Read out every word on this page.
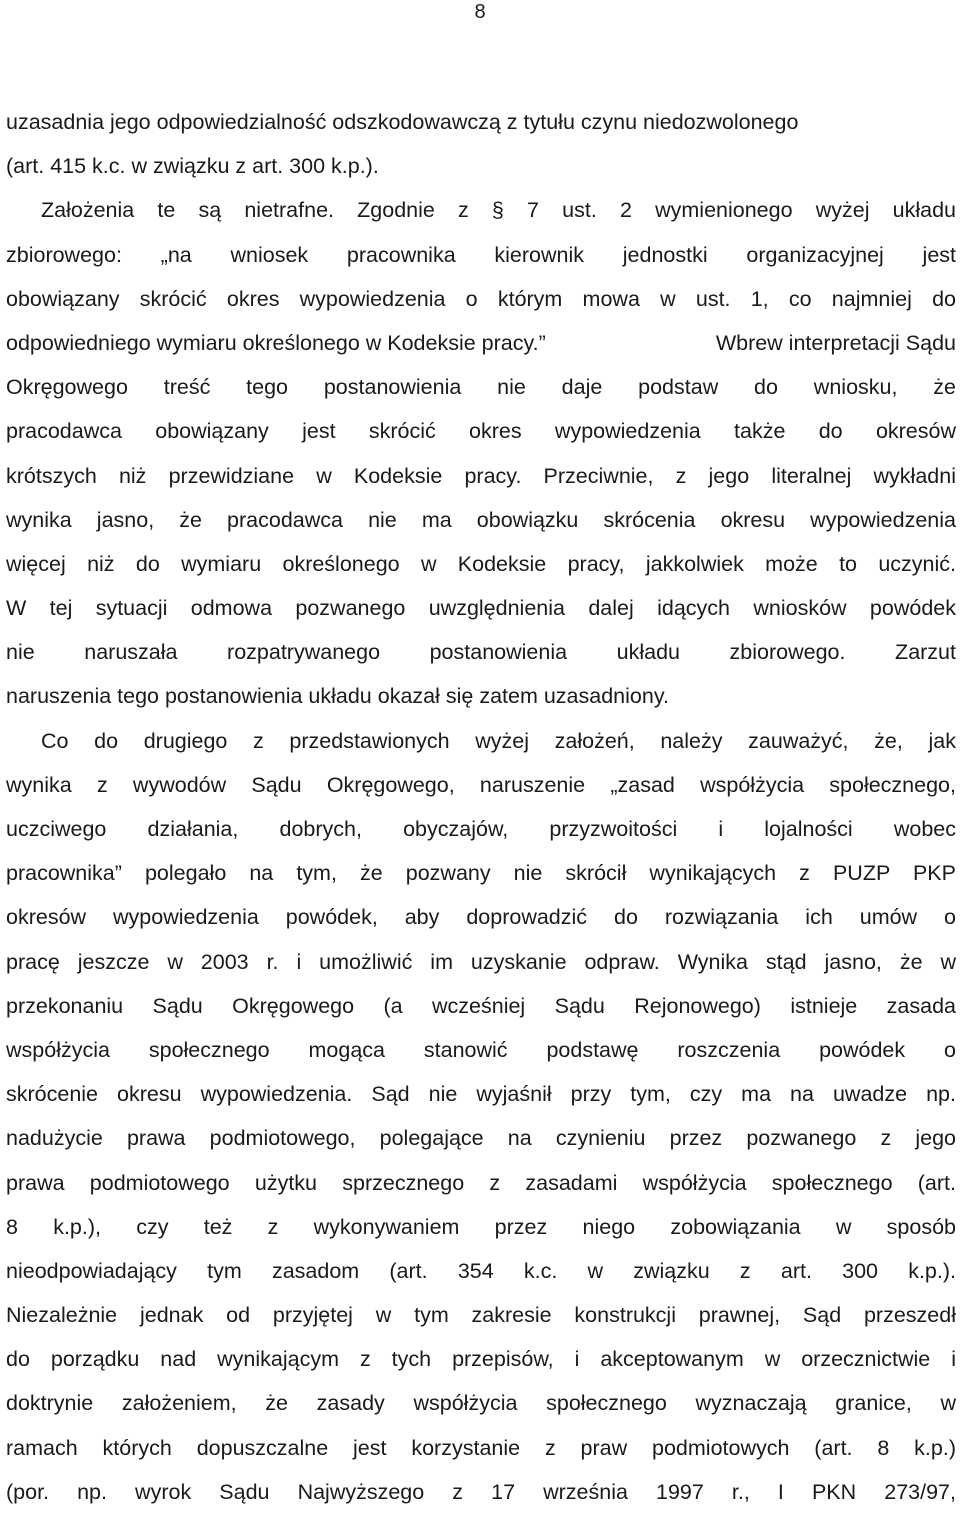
8
uzasadnia jego odpowiedzialność odszkodowawczą z tytułu czynu niedozwolonego
(art. 415 k.c. w związku z art. 300 k.p.).
Założenia te są nietrafne. Zgodnie z § 7 ust. 2 wymienionego wyżej układu
zbiorowego: „na wniosek pracownika kierownik jednostki organizacyjnej jest
obowiązany skrócić okres wypowiedzenia o którym mowa w ust. 1, co najmniej do
odpowiedniego wymiaru określonego w Kodeksie pracy.”	Wbrew interpretacji Sądu
Okręgowego treść tego postanowienia nie daje podstaw do wniosku, że
pracodawca obowiązany jest skrócić okres wypowiedzenia także do okresów
krótszych niż przewidziane w Kodeksie pracy. Przeciwnie, z jego literalnej wykładni
wynika jasno, że pracodawca nie ma obowiązku skrócenia okresu wypowiedzenia
więcej niż do wymiaru określonego w Kodeksie pracy, jakkolwiek może to uczynić.
W tej sytuacji odmowa pozwanego uwzględnienia dalej idących wniosków powódek
nie naruszała rozpatrywanego postanowienia układu zbiorowego. Zarzut
naruszenia tego postanowienia układu okazał się zatem uzasadniony.
Co do drugiego z przedstawionych wyżej założeń, należy zauważyć, że, jak
wynika z wywodów Sądu Okręgowego, naruszenie „zasad współżycia społecznego,
uczciwego działania, dobrych, obyczajów, przyzwoitości i lojalności wobec
pracownika” polegało na tym, że pozwany nie skrócił wynikających z PUZP PKP
okresów wypowiedzenia powódek, aby doprowadzić do rozwiązania ich umów o
pracę jeszcze w 2003 r. i umożliwić im uzyskanie odpraw. Wynika stąd jasno, że w
przekonaniu Sądu Okręgowego (a wcześniej Sądu Rejonowego) istnieje zasada
współżycia społecznego mogąca stanowić podstawę roszczenia powódek o
skrócenie okresu wypowiedzenia. Sąd nie wyjaśnił przy tym, czy ma na uwadze np.
nadużycie prawa podmiotowego, polegające na czynieniu przez pozwanego z jego
prawa podmiotowego użytku sprzecznego z zasadami współżycia społecznego (art.
8 k.p.), czy też z wykonywaniem przez niego zobowiązania w sposób
nieodpowiadający tym zasadom (art. 354 k.c. w związku z art. 300 k.p.).
Niezależnie jednak od przyjętej w tym zakresie konstrukcji prawnej, Sąd przeszedł
do porządku nad wynikającym z tych przepisów, i akceptowanym w orzecznictwie i
doktrynie założeniem, że zasady współżycia społecznego wyznaczają granice, w
ramach których dopuszczalne jest korzystanie z praw podmiotowych (art. 8 k.p.)
(por. np. wyrok Sądu Najwyższego z 17 września 1997 r., I PKN 273/97,
